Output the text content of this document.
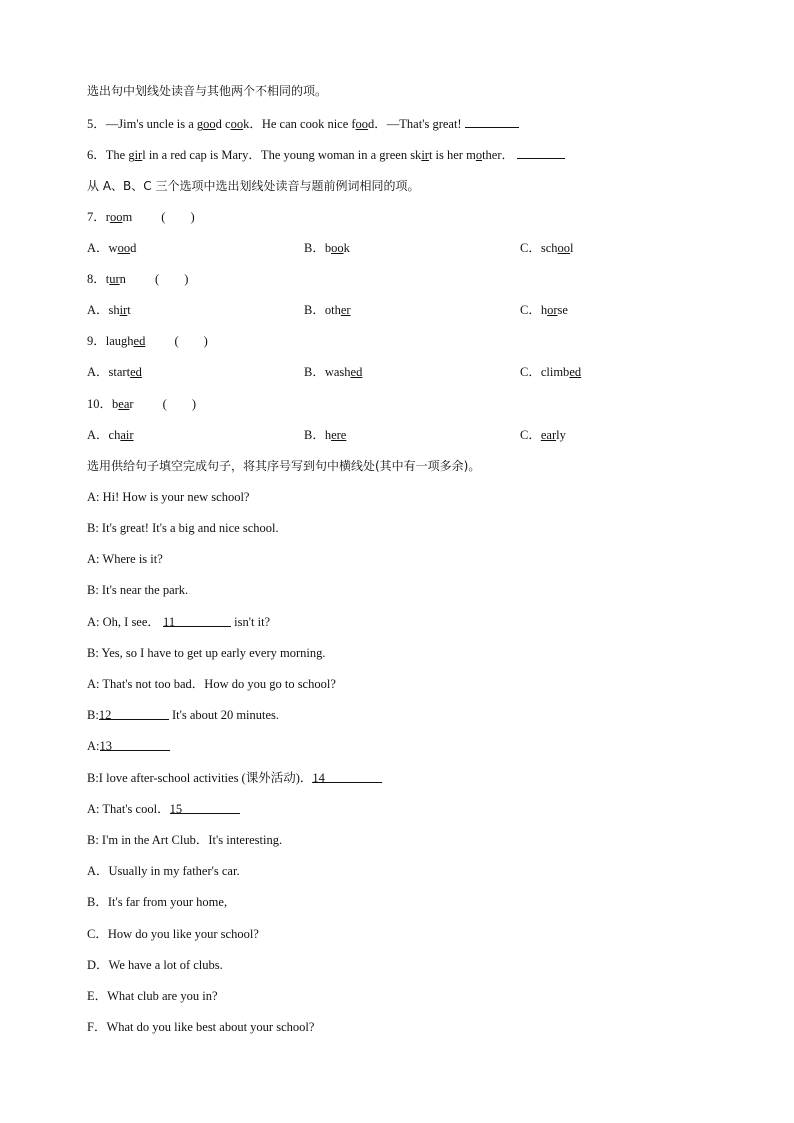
选出句中划线处读音与其他两个不相同的项。
5．—Jim's uncle is a good cook．He can cook nice food．—That's great!
6．The girl in a red cap is Mary．The young woman in a green skirt is her mother．
从 A、B、C 三个选项中选出划线处读音与题前例词相同的项。
7．room (　　)
A．wood	B．book	C．school
8．turn (　　)
A．shirt	B．other	C．horse
9．laughed (　　)
A．started	B．washed	C．climbed
10．bear (　　)
A．chair	B．here	C．early
选用供给句子填空完成句子，将其序号写到句中横线处(其中有一项多余)。
A: Hi! How is your new school?
B: It's great! It's a big and nice school.
A: Where is it?
B: It's near the park.
A: Oh, I see． 11	isn't it?
B: Yes, so I have to get up early every morning.
A: That's not too bad．How do you go to school?
B:12	It's about 20 minutes.
A:13
B:I love after-school activities (课外活动)．14
A: That's cool．15
B: I'm in the Art Club．It's interesting.
A．Usually in my father's car.
B．It's far from your home,
C．How do you like your school?
D．We have a lot of clubs.
E．What club are you in?
F．What do you like best about your school?
